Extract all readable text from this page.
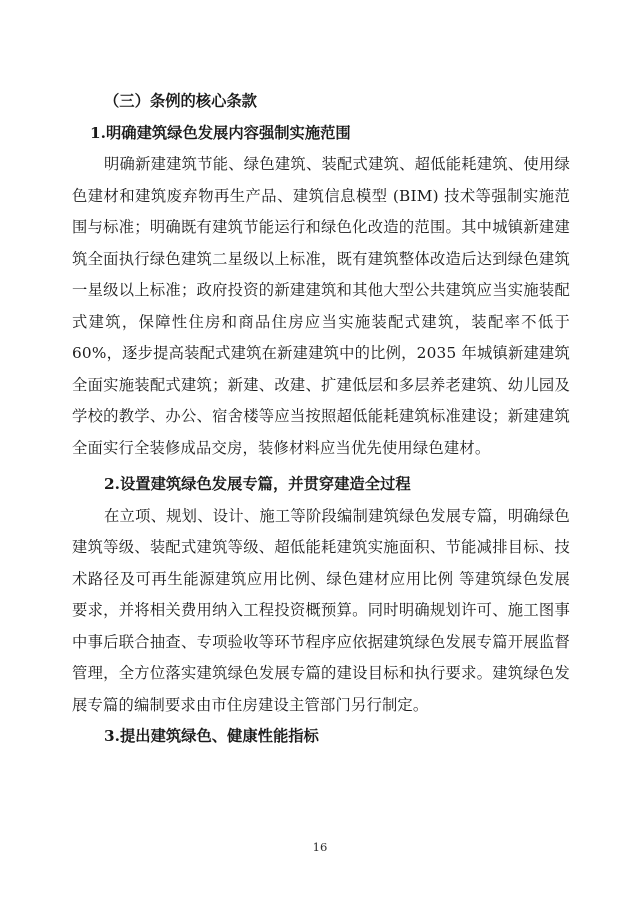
（三）条例的核心条款

1.明确建筑绿色发展内容强制实施范围

明确新建建筑节能、绿色建筑、装配式建筑、超低能耗建筑、使用绿色建材和建筑废弃物再生产品、建筑信息模型 (BIM) 技术等强制实施范围与标准；明确既有建筑节能运行和绿色化改造的范围。其中城镇新建建筑全面执行绿色建筑二星级以上标准，既有建筑整体改造后达到绿色建筑一星级以上标准；政府投资的新建建筑和其他大型公共建筑应当实施装配式建筑，保障性住房和商品住房应当实施装配式建筑，装配率不低于 60%，逐步提高装配式建筑在新建建筑中的比例，2035 年城镇新建建筑全面实施装配式建筑；新建、改建、扩建低层和多层养老建筑、幼儿园及学校的教学、办公、宿舍楼等应当按照超低能耗建筑标准建设；新建建筑全面实行全装修成品交房，装修材料应当优先使用绿色建材。

2.设置建筑绿色发展专篇，并贯穿建造全过程

在立项、规划、设计、施工等阶段编制建筑绿色发展专篇，明确绿色建筑等级、装配式建筑等级、超低能耗建筑实施面积、节能减排目标、技术路径及可再生能源建筑应用比例、绿色建材应用比例 等建筑绿色发展要求，并将相关费用纳入工程投资概预算。同时明确规划许可、施工图事中事后联合抽查、专项验收等环节程序应依据建筑绿色发展专篇开展监督管理，全方位落实建筑绿色发展专篇的建设目标和执行要求。建筑绿色发展专篇的编制要求由市住房建设主管部门另行制定。

3.提出建筑绿色、健康性能指标

16
